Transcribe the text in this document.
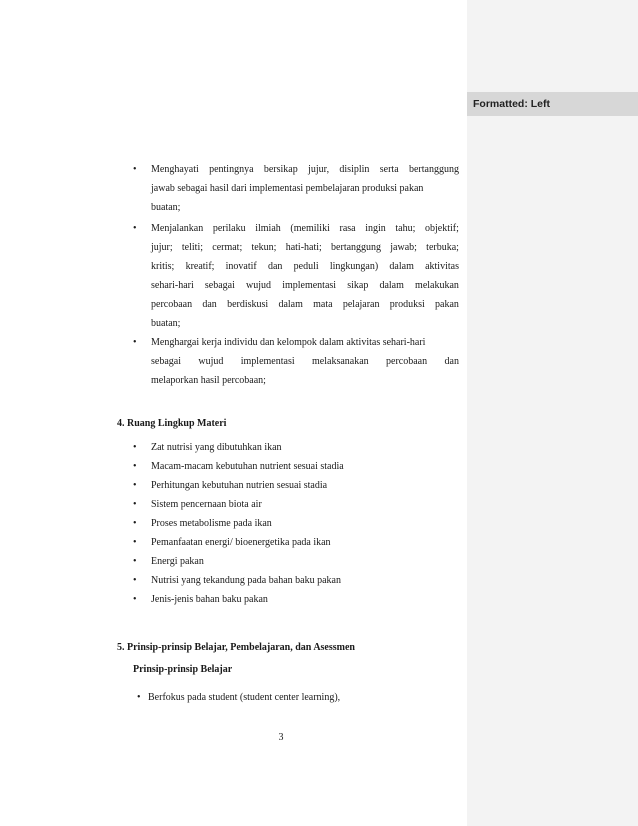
Formatted: Left
• Menghayati pentingnya bersikap jujur, disiplin serta bertanggung
jawab sebagai hasil dari implementasi pembelajaran produksi pakan
buatan;
• Menjalankan perilaku ilmiah (memiliki rasa ingin tahu; objektif;
jujur; teliti; cermat; tekun; hati-hati; bertanggung jawab; terbuka;
kritis; kreatif; inovatif dan peduli lingkungan) dalam aktivitas
sehari-hari sebagai wujud implementasi sikap dalam melakukan
percobaan dan berdiskusi dalam mata pelajaran produksi pakan
buatan;
• Menghargai kerja individu dan kelompok dalam aktivitas sehari-hari
sebagai wujud implementasi melaksanakan percobaan dan
melaporkan hasil percobaan;
4. Ruang Lingkup Materi
• Zat nutrisi yang dibutuhkan ikan
• Macam-macam kebutuhan nutrient sesuai stadia
• Perhitungan kebutuhan nutrien sesuai stadia
• Sistem pencernaan biota air
• Proses metabolisme pada ikan
• Pemanfaatan energi/ bioenergetika pada ikan
• Energi pakan
• Nutrisi yang tekandung pada bahan baku pakan
• Jenis-jenis bahan baku pakan
5. Prinsip-prinsip Belajar, Pembelajaran, dan Asessmen
Prinsip-prinsip Belajar
• Berfokus pada student (student center learning),
3
